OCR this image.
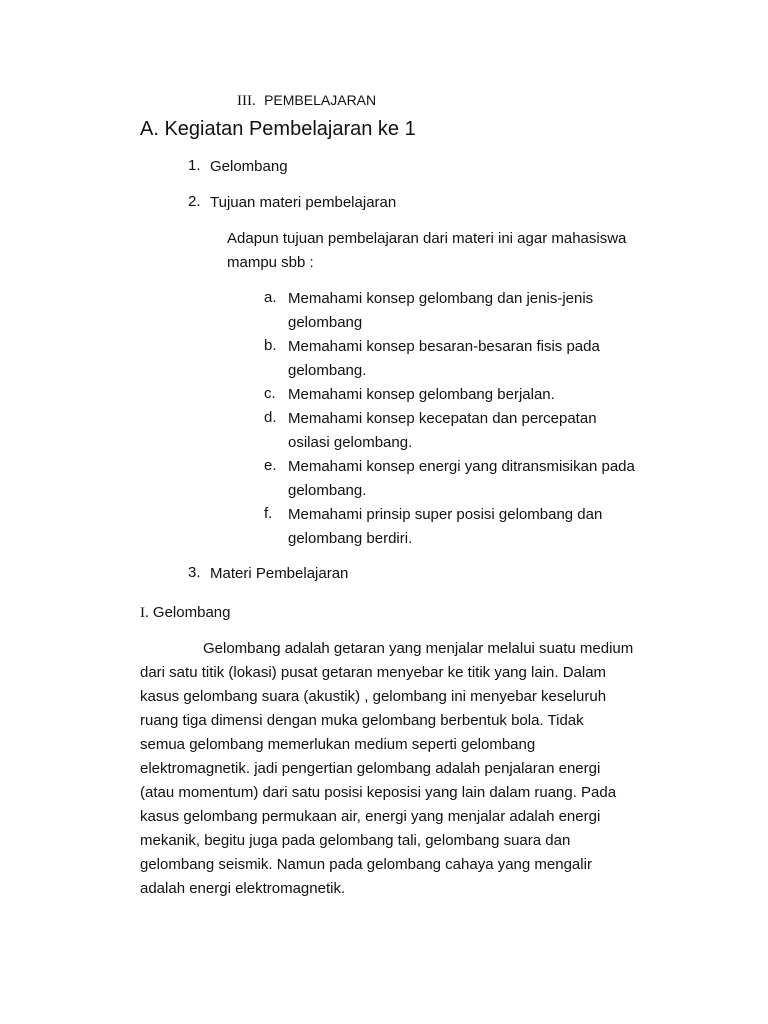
III. PEMBELAJARAN
A. Kegiatan Pembelajaran ke 1
1. Gelombang
2. Tujuan materi pembelajaran
Adapun tujuan pembelajaran dari materi ini agar mahasiswa
mampu sbb :
a. Memahami konsep gelombang dan jenis-jenis
gelombang
b. Memahami konsep besaran-besaran fisis pada
gelombang.
c. Memahami konsep gelombang berjalan.
d. Memahami konsep kecepatan dan percepatan
osilasi gelombang.
e. Memahami konsep energi yang ditransmisikan pada
gelombang.
f. Memahami prinsip super posisi gelombang dan
gelombang berdiri.
3. Materi Pembelajaran
I. Gelombang
Gelombang adalah getaran yang menjalar melalui suatu medium
dari satu titik (lokasi) pusat getaran menyebar ke titik yang lain. Dalam
kasus gelombang suara (akustik) , gelombang ini menyebar keseluruh
ruang tiga dimensi dengan muka gelombang berbentuk bola. Tidak
semua gelombang memerlukan medium seperti gelombang
elektromagnetik. jadi pengertian gelombang adalah penjalaran energi
(atau momentum) dari satu posisi keposisi yang lain dalam ruang. Pada
kasus gelombang permukaan air, energi yang menjalar adalah energi
mekanik, begitu juga pada gelombang tali, gelombang suara dan
gelombang seismik. Namun pada gelombang cahaya yang mengalir
adalah energi elektromagnetik.
